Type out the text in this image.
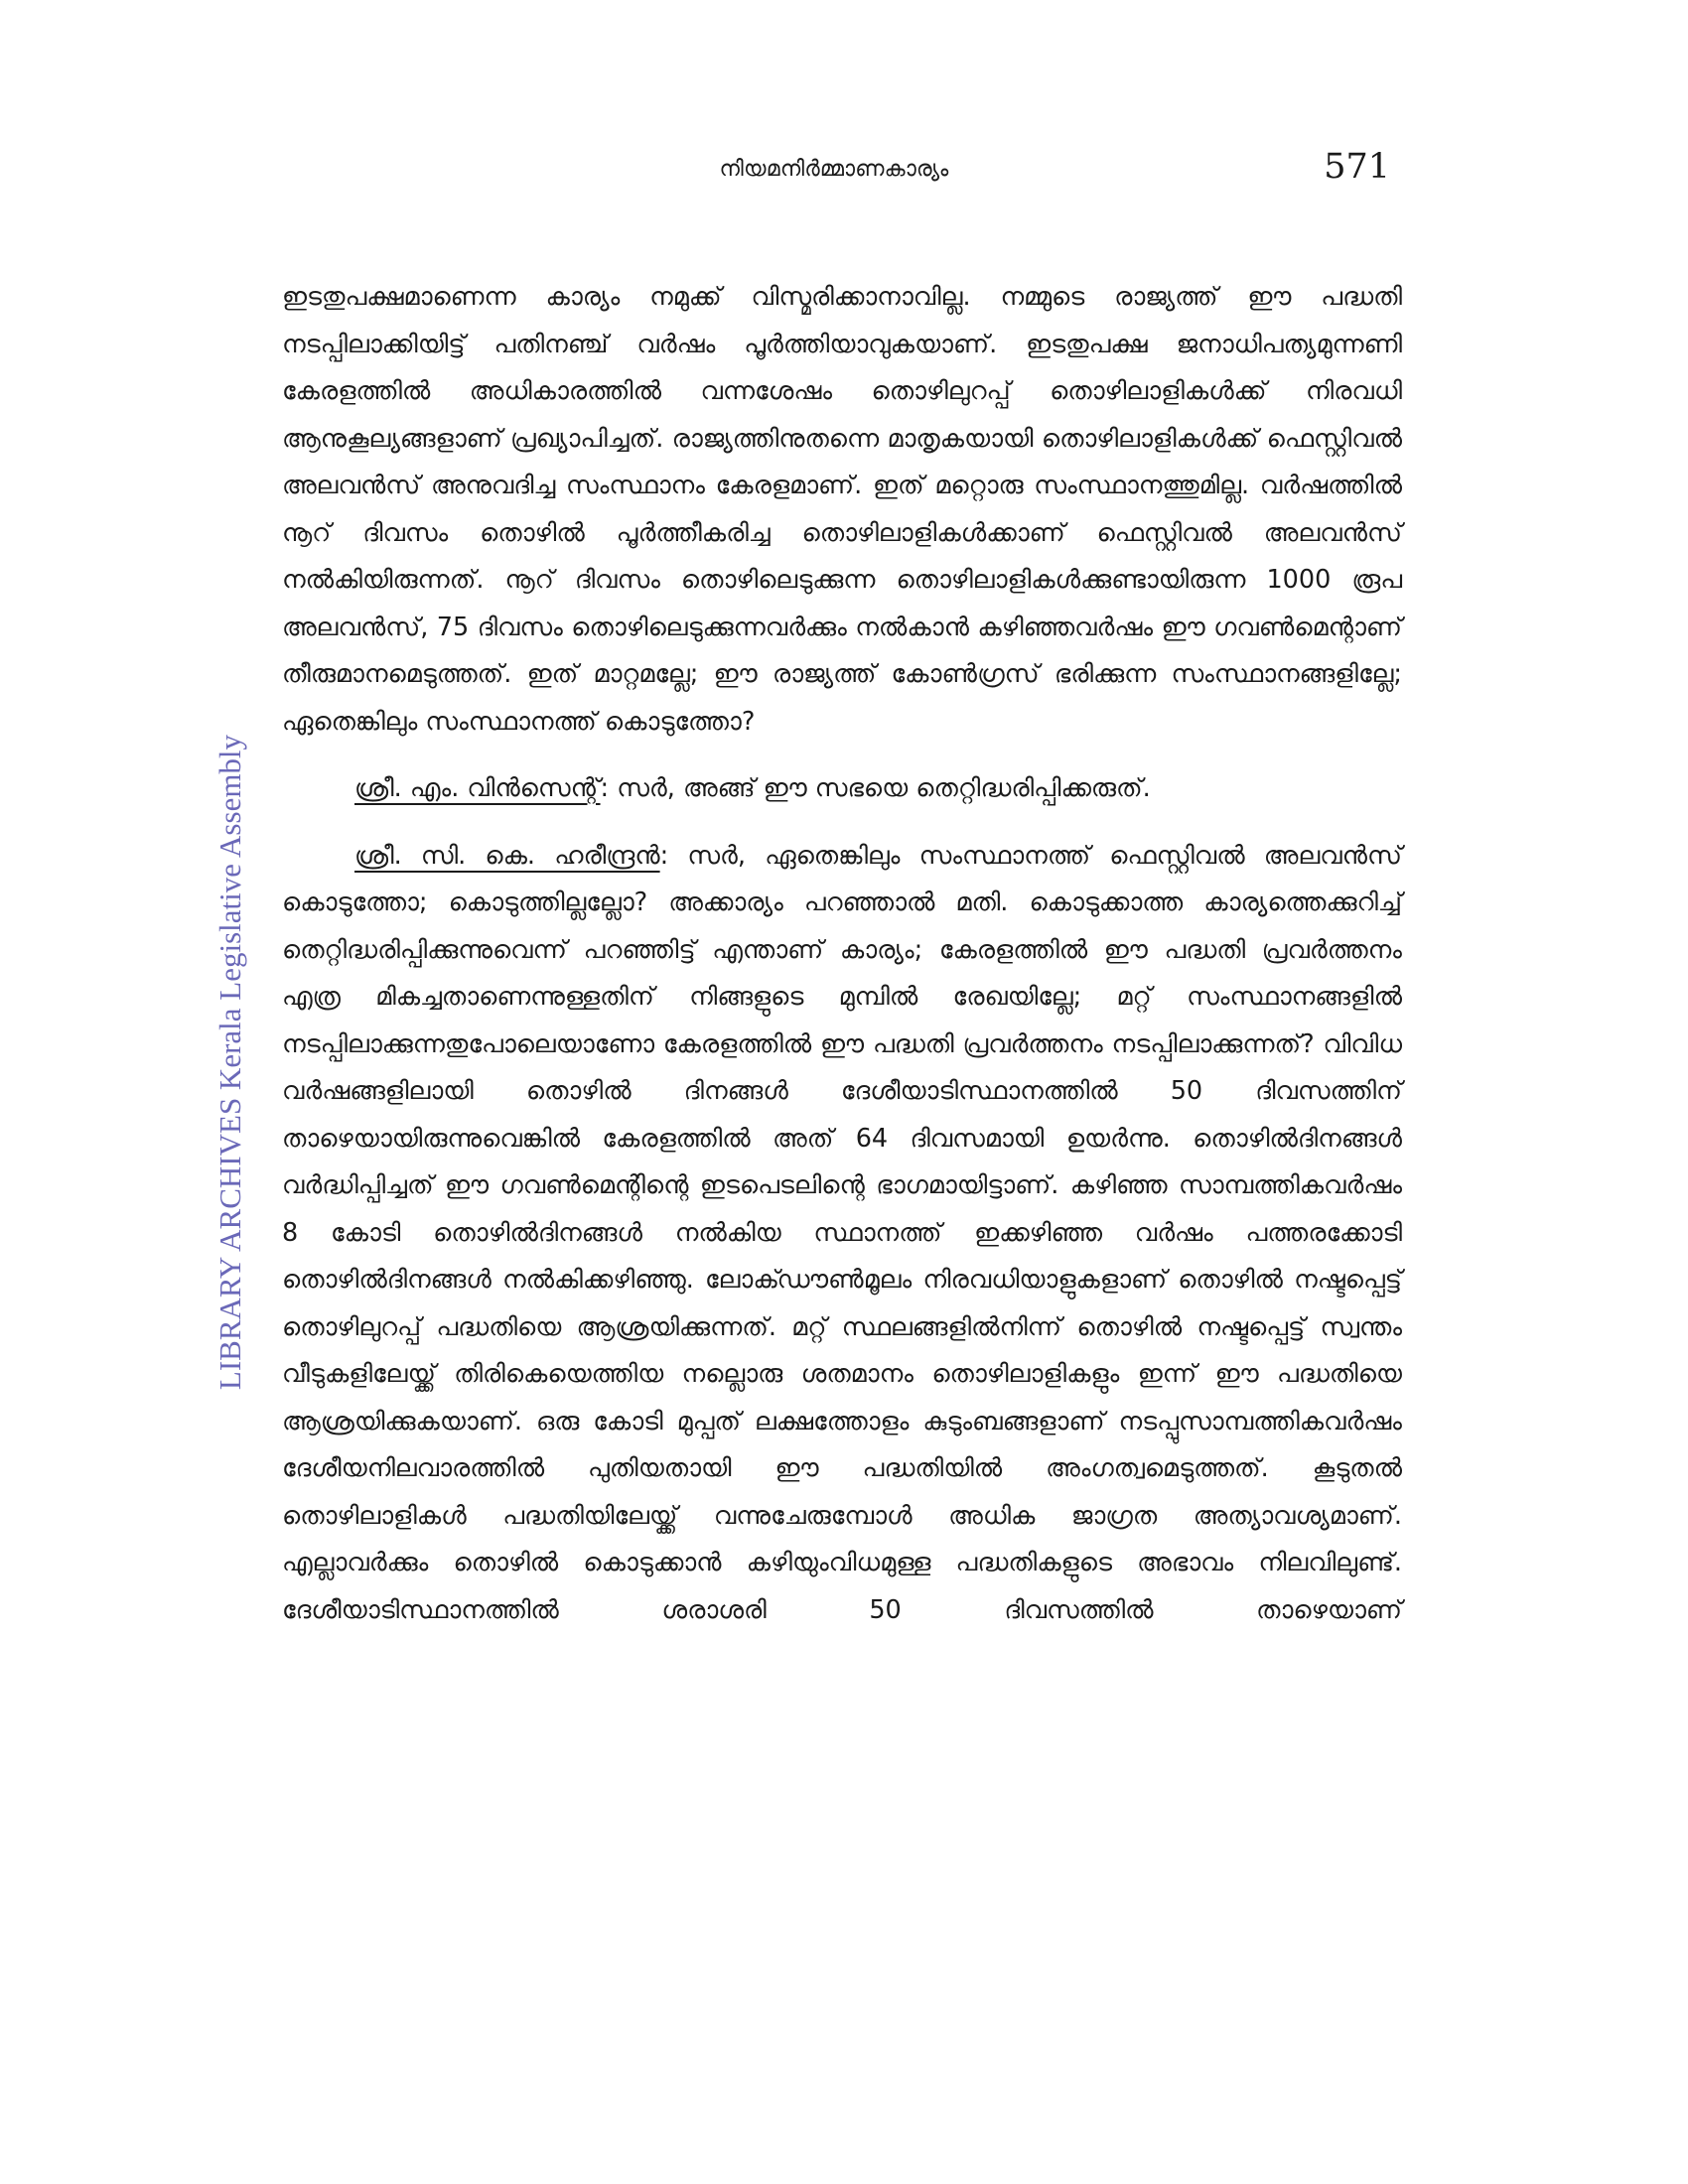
നിയമനിർമ്മാണകാര്യം	571
LIBRARY ARCHIVES Kerala Legislative Assembly

ഇടതുപക്ഷമാണെന്ന കാര്യം നമുക്ക് വിസ്മരിക്കാനാവില്ല. നമ്മുടെ രാജ്യത്ത് ഈ പദ്ധതി നടപ്പിലാക്കിയിട്ട് പതിനഞ്ച് വർഷം പൂർത്തിയാവുകയാണ്. ഇടതുപക്ഷ ജനാധിപത്യമുന്നണി കേരളത്തിൽ അധികാരത്തിൽ വന്നശേഷം തൊഴിലുറപ്പ് തൊഴിലാളികൾക്ക് നിരവധി ആനുകൂല്യങ്ങളാണ് പ്രഖ്യാപിച്ചത്. രാജ്യത്തിനുതന്നെ മാതൃകയായി തൊഴിലാളികൾക്ക് ഫെസ്റ്റിവൽ അലവൻസ് അനുവദിച്ച സംസ്ഥാനം കേരളമാണ്. ഇത് മറ്റൊരു സംസ്ഥാനത്തുമില്ല. വർഷത്തിൽ നൂറ് ദിവസം തൊഴിൽ പൂർത്തീകരിച്ച തൊഴിലാളികൾക്കാണ് ഫെസ്റ്റിവൽ അലവൻസ് നൽകിയിരുന്നത്. നൂറ് ദിവസം തൊഴിലെടുക്കുന്ന തൊഴിലാളികൾക്കുണ്ടായിരുന്ന 1000 രൂപ അലവൻസ്, 75 ദിവസം തൊഴിലെടുക്കുന്നവർക്കും നൽകാൻ കഴിഞ്ഞവർഷം ഈ ഗവൺമെന്റാണ് തീരുമാനമെടുത്തത്. ഇത് മാറ്റമല്ലേ; ഈ രാജ്യത്ത് കോൺഗ്രസ് ഭരിക്കുന്ന സംസ്ഥാനങ്ങളില്ലേ; ഏതെങ്കിലും സംസ്ഥാനത്ത് കൊടുത്തോ?

ശ്രീ. എം. വിൻസെന്റ്: സർ, അങ്ങ് ഈ സഭയെ തെറ്റിദ്ധരിപ്പിക്കരുത്.

ശ്രീ. സി. കെ. ഹരീന്ദ്രൻ: സർ, ഏതെങ്കിലും സംസ്ഥാനത്ത് ഫെസ്റ്റിവൽ അലവൻസ് കൊടുത്തോ; കൊടുത്തില്ലല്ലോ? അക്കാര്യം പറഞ്ഞാൽ മതി. കൊടുക്കാത്ത കാര്യത്തെക്കുറിച്ച് തെറ്റിദ്ധരിപ്പിക്കുന്നുവെന്ന് പറഞ്ഞിട്ട് എന്താണ് കാര്യം; കേരളത്തിൽ ഈ പദ്ധതി പ്രവർത്തനം എത്ര മികച്ചതാണെന്നുള്ളതിന് നിങ്ങളുടെ മുമ്പിൽ രേഖയില്ലേ; മറ്റ് സംസ്ഥാനങ്ങളിൽ നടപ്പിലാക്കുന്നതുപോലെയാണോ കേരളത്തിൽ ഈ പദ്ധതി പ്രവർത്തനം നടപ്പിലാക്കുന്നത്? വിവിധ വർഷങ്ങളിലായി തൊഴിൽ ദിനങ്ങൾ ദേശീയാടിസ്ഥാനത്തിൽ 50 ദിവസത്തിന് താഴെയായിരുന്നുവെങ്കിൽ കേരളത്തിൽ അത് 64 ദിവസമായി ഉയർന്നു. തൊഴിൽദിനങ്ങൾ വർദ്ധിപ്പിച്ചത് ഈ ഗവൺമെന്റിന്റെ ഇടപെടലിന്റെ ഭാഗമായിട്ടാണ്. കഴിഞ്ഞ സാമ്പത്തികവർഷം 8 കോടി തൊഴിൽദിനങ്ങൾ നൽകിയ സ്ഥാനത്ത് ഇക്കഴിഞ്ഞ വർഷം പത്തരക്കോടി തൊഴിൽദിനങ്ങൾ നൽകിക്കഴിഞ്ഞു. ലോക്ഡൗൺമൂലം നിരവധിയാളുകളാണ് തൊഴിൽ നഷ്ടപ്പെട്ട് തൊഴിലുറപ്പ് പദ്ധതിയെ ആശ്രയിക്കുന്നത്. മറ്റ് സ്ഥലങ്ങളിൽനിന്ന് തൊഴിൽ നഷ്ടപ്പെട്ട് സ്വന്തം വീടുകളിലേയ്ക്ക് തിരികെയെത്തിയ നല്ലൊരു ശതമാനം തൊഴിലാളികളും ഇന്ന് ഈ പദ്ധതിയെ ആശ്രയിക്കുകയാണ്. ഒരു കോടി മുപ്പത് ലക്ഷത്തോളം കുടുംബങ്ങളാണ് നടപ്പുസാമ്പത്തികവർഷം ദേശീയനിലവാരത്തിൽ പുതിയതായി ഈ പദ്ധതിയിൽ അംഗത്വമെടുത്തത്. കൂടുതൽ തൊഴിലാളികൾ പദ്ധതിയിലേയ്ക്ക് വന്നുചേരുമ്പോൾ അധിക ജാഗ്രത അത്യാവശ്യമാണ്. എല്ലാവർക്കും തൊഴിൽ കൊടുക്കാൻ കഴിയുംവിധമുള്ള പദ്ധതികളുടെ അഭാവം നിലവിലുണ്ട്. ദേശീയാടിസ്ഥാനത്തിൽ ശരാശരി 50 ദിവസത്തിൽ താഴെയാണ്
